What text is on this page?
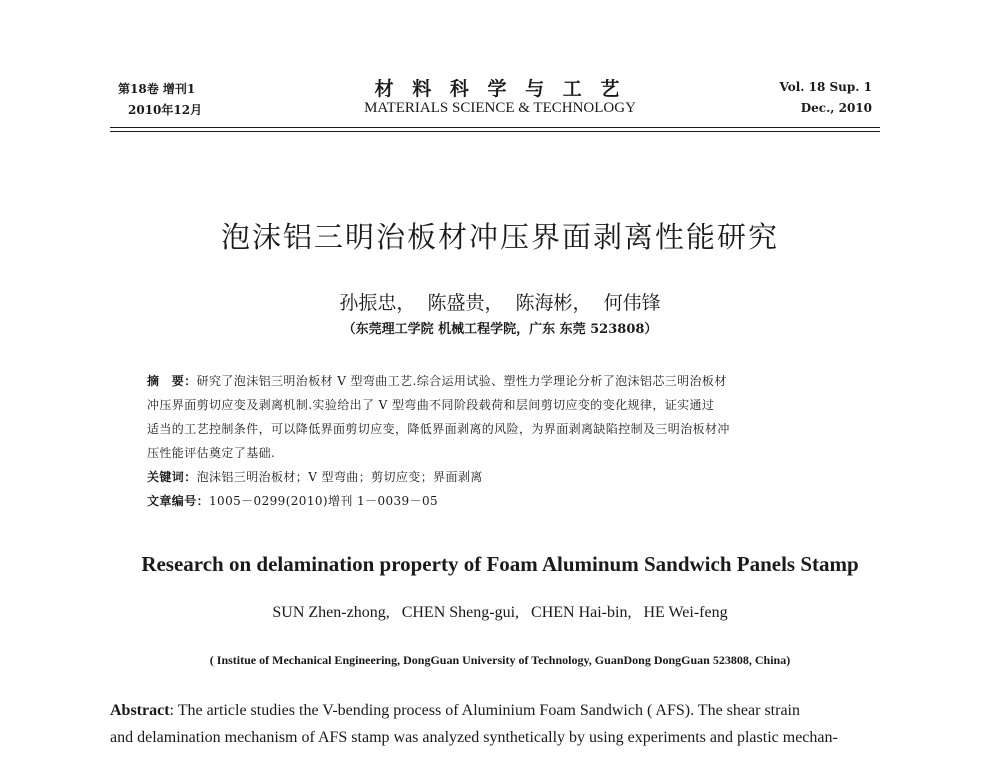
第18卷 增刊1
2010年12月
材 料 科 学 与 工 艺
MATERIALS SCIENCE & TECHNOLOGY
Vol. 18 Sup. 1
Dec., 2010
泡沫铝三明治板材冲压界面剥离性能研究
孙振忠，  陈盛贵，  陈海彬，  何伟锋
（东莞理工学院 机械工程学院，广东 东莞 523808）
摘　要：研究了泡沫铝三明治板材 V 型弯曲工艺.综合运用试验、塑性力学理论分析了泡沫铝芯三明治板材
冲压界面剪切应变及剥离机制.实验给出了 V 型弯曲不同阶段载荷和层间剪切应变的变化规律，证实通过
适当的工艺控制条件，可以降低界面剪切应变，降低界面剥离的风险，为界面剥离缺陷控制及三明治板材冲
压性能评估奠定了基础.
关键词：泡沫铝三明治板材；V 型弯曲；剪切应变；界面剥离
文章编号：1005－0299(2010)增刊 1－0039－05
Research on delamination property of Foam Aluminum Sandwich Panels Stamp
SUN Zhen-zhong,   CHEN Sheng-gui,   CHEN Hai-bin,   HE Wei-feng
( Institue of Mechanical Engineering, DongGuan University of Technology, GuanDong DongGuan 523808, China)
Abstract: The article studies the V-bending process of Aluminium Foam Sandwich ( AFS). The shear strain
and delamination mechanism of AFS stamp was analyzed synthetically by using experiments and plastic mechan-
